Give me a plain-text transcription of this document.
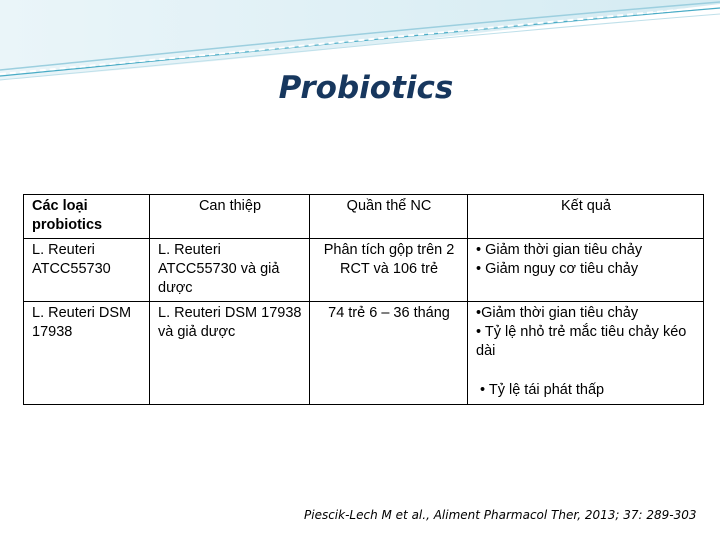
Probiotics
Các loại probiotics	Can thiệp	Quần thể NC	Kết quả
L. Reuteri ATCC55730	L. Reuteri ATCC55730 và giả dược	Phân tích gộp trên 2 RCT và 106 trẻ	• Giảm thời gian tiêu chảy
• Giảm nguy cơ tiêu chảy

L. Reuteri DSM 17938	L. Reuteri DSM 17938 và giả dược	74 trẻ 6 – 36 tháng	•Giảm thời gian tiêu chảy
• Tỷ lệ nhỏ trẻ mắc tiêu chảy kéo dài
• Tỷ lệ tái phát thấp
Piescik-Lech M et al., Aliment Pharmacol Ther, 2013; 37: 289-303
